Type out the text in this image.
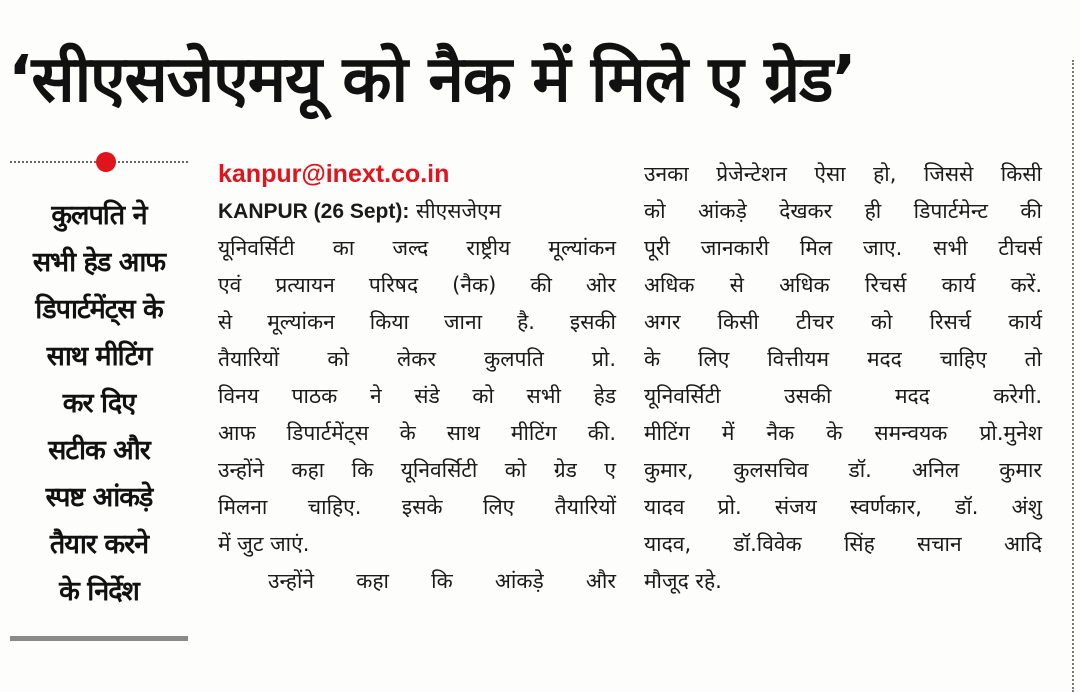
‘सीएसजेएमयू को नैक में मिले ए ग्रेड’
कुलपति ने
सभी हेड आफ
डिपार्टमेंट्स के
साथ मीटिंग
कर दिए
सटीक और
स्पष्ट आंकड़े
तैयार करने
के निर्देश
kanpur@inext.co.in
KANPUR (26 Sept): सीएसजेएम
यूनिवर्सिटी का जल्द राष्ट्रीय मूल्यांकन
एवं प्रत्यायन परिषद (नैक) की ओर
से मूल्यांकन किया जाना है. इसकी
तैयारियों को लेकर कुलपति प्रो.
विनय पाठक ने संडे को सभी हेड
आफ डिपार्टमेंट्स के साथ मीटिंग की.
उन्होंने कहा कि यूनिवर्सिटी को ग्रेड ए
मिलना चाहिए. इसके लिए तैयारियों
में जुट जाएं.
उन्होंने कहा कि आंकड़े और
उनका प्रेजेन्टेशन ऐसा हो, जिससे किसी
को आंकड़े देखकर ही डिपार्टमेन्ट की
पूरी जानकारी मिल जाए. सभी टीचर्स
अधिक से अधिक रिचर्स कार्य करें.
अगर किसी टीचर को रिसर्च कार्य
के लिए वित्तीयम मदद चाहिए तो
यूनिवर्सिटी उसकी मदद करेगी.
मीटिंग में नैक के समन्वयक प्रो.मुनेश
कुमार, कुलसचिव डॉ. अनिल कुमार
यादव प्रो. संजय स्वर्णकार, डॉ. अंशु
यादव, डॉ.विवेक सिंह सचान आदि
मौजूद रहे.
